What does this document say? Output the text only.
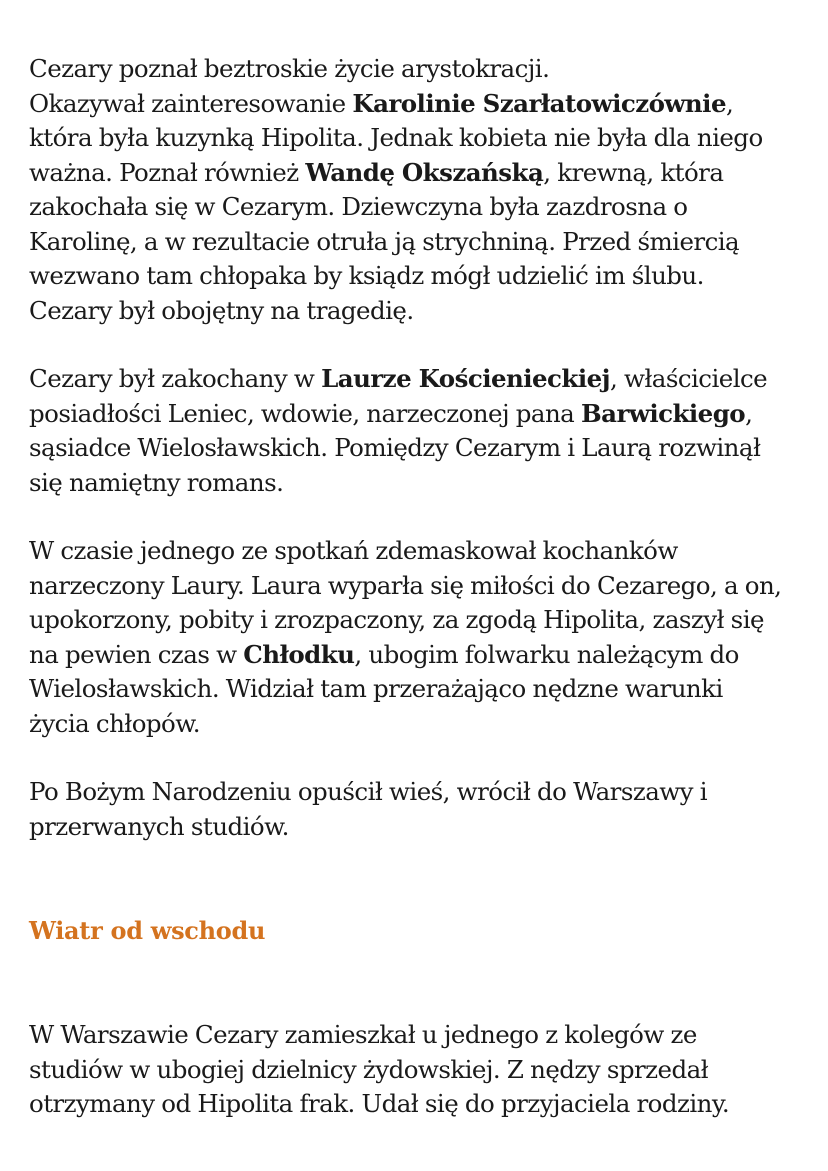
Cezary poznał beztroskie życie arystokracji.
Okazywał zainteresowanie Karolinie Szarłatowiczównie,
która była kuzynką Hipolita. Jednak kobieta nie była dla niego
ważna. Poznał również Wandę Okszańską, krewną, która
zakochała się w Cezarym. Dziewczyna była zazdrosna o
Karolinę, a w rezultacie otruła ją strychniną. Przed śmiercią
wezwano tam chłopaka by ksiądz mógł udzielić im ślubu.
Cezary był obojętny na tragedię.

Cezary był zakochany w Laurze Kościenieckiej, właścicielce
posiadłości Leniec, wdowie, narzeczonej pana Barwickiego,
sąsiadce Wielosławskich. Pomiędzy Cezarym i Laurą rozwinął
się namiętny romans.

W czasie jednego ze spotkań zdemaskował kochanków
narzeczony Laury. Laura wyparła się miłości do Cezarego, a on,
upokorzony, pobity i zrozpaczony, za zgodą Hipolita, zaszył się
na pewien czas w Chłodku, ubogim folwarku należącym do
Wielosławskich. Widział tam przerażająco nędzne warunki
życia chłopów.

Po Bożym Narodzeniu opuścił wieś, wrócił do Warszawy i
przerwanych studiów.

Wiatr od wschodu

W Warszawie Cezary zamieszkał u jednego z kolegów ze
studiów w ubogiej dzielnicy żydowskiej. Z nędzy sprzedał
otrzymany od Hipolita frak. Udał się do przyjaciela rodziny.
